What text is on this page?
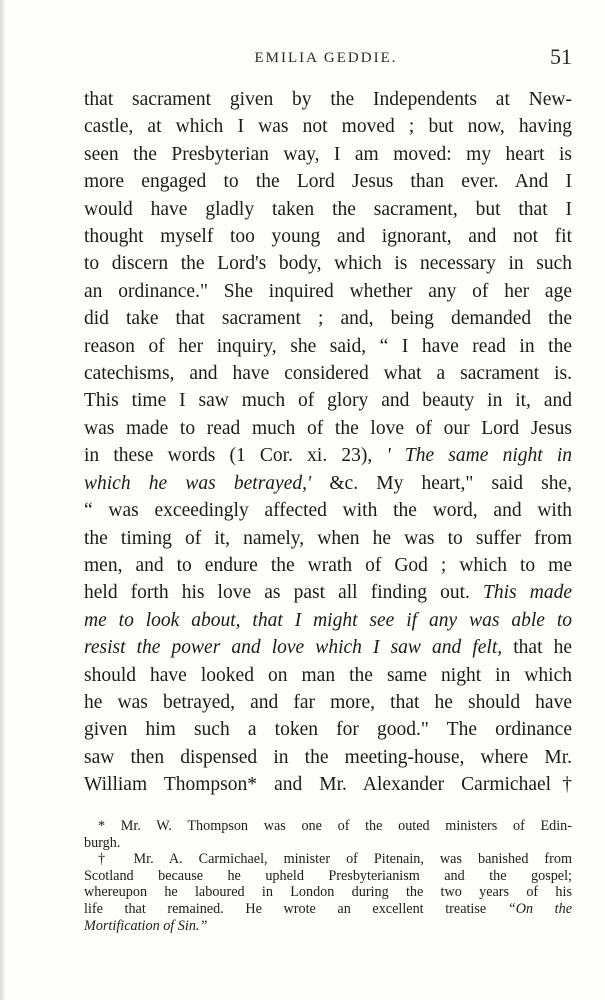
EMILIA GEDDIE.	51
that sacrament given by the Independents at New-
castle, at which I was not moved ; but now, having
seen the Presbyterian way, I am moved: my heart is
more engaged to the Lord Jesus than ever. And I
would have gladly taken the sacrament, but that I
thought myself too young and ignorant, and not fit
to discern the Lord's body, which is necessary in such
an ordinance." She inquired whether any of her age
did take that sacrament ; and, being demanded the
reason of her inquiry, she said, “ I have read in the
catechisms, and have considered what a sacrament is.
This time I saw much of glory and beauty in it, and
was made to read much of the love of our Lord Jesus
in these words (1 Cor. xi. 23), ' The same night in
which he was betrayed,' &c. My heart," said she,
“ was exceedingly affected with the word, and with
the timing of it, namely, when he was to suffer from
men, and to endure the wrath of God ; which to me
held forth his love as past all finding out. This made
me to look about, that I might see if any was able to
resist the power and love which I saw and felt, that he
should have looked on man the same night in which
he was betrayed, and far more, that he should have
given him such a token for good." The ordinance
saw then dispensed in the meeting-house, where Mr.
William Thompson* and Mr. Alexander Carmichael†
* Mr. W. Thompson was one of the outed ministers of Edin-
burgh.
† Mr. A. Carmichael, minister of Pitenain, was banished from
Scotland because he upheld Presbyterianism and the gospel;
whereupon he laboured in London during the two years of his
life that remained. He wrote an excellent treatise “On the
Mortification of Sin.”
